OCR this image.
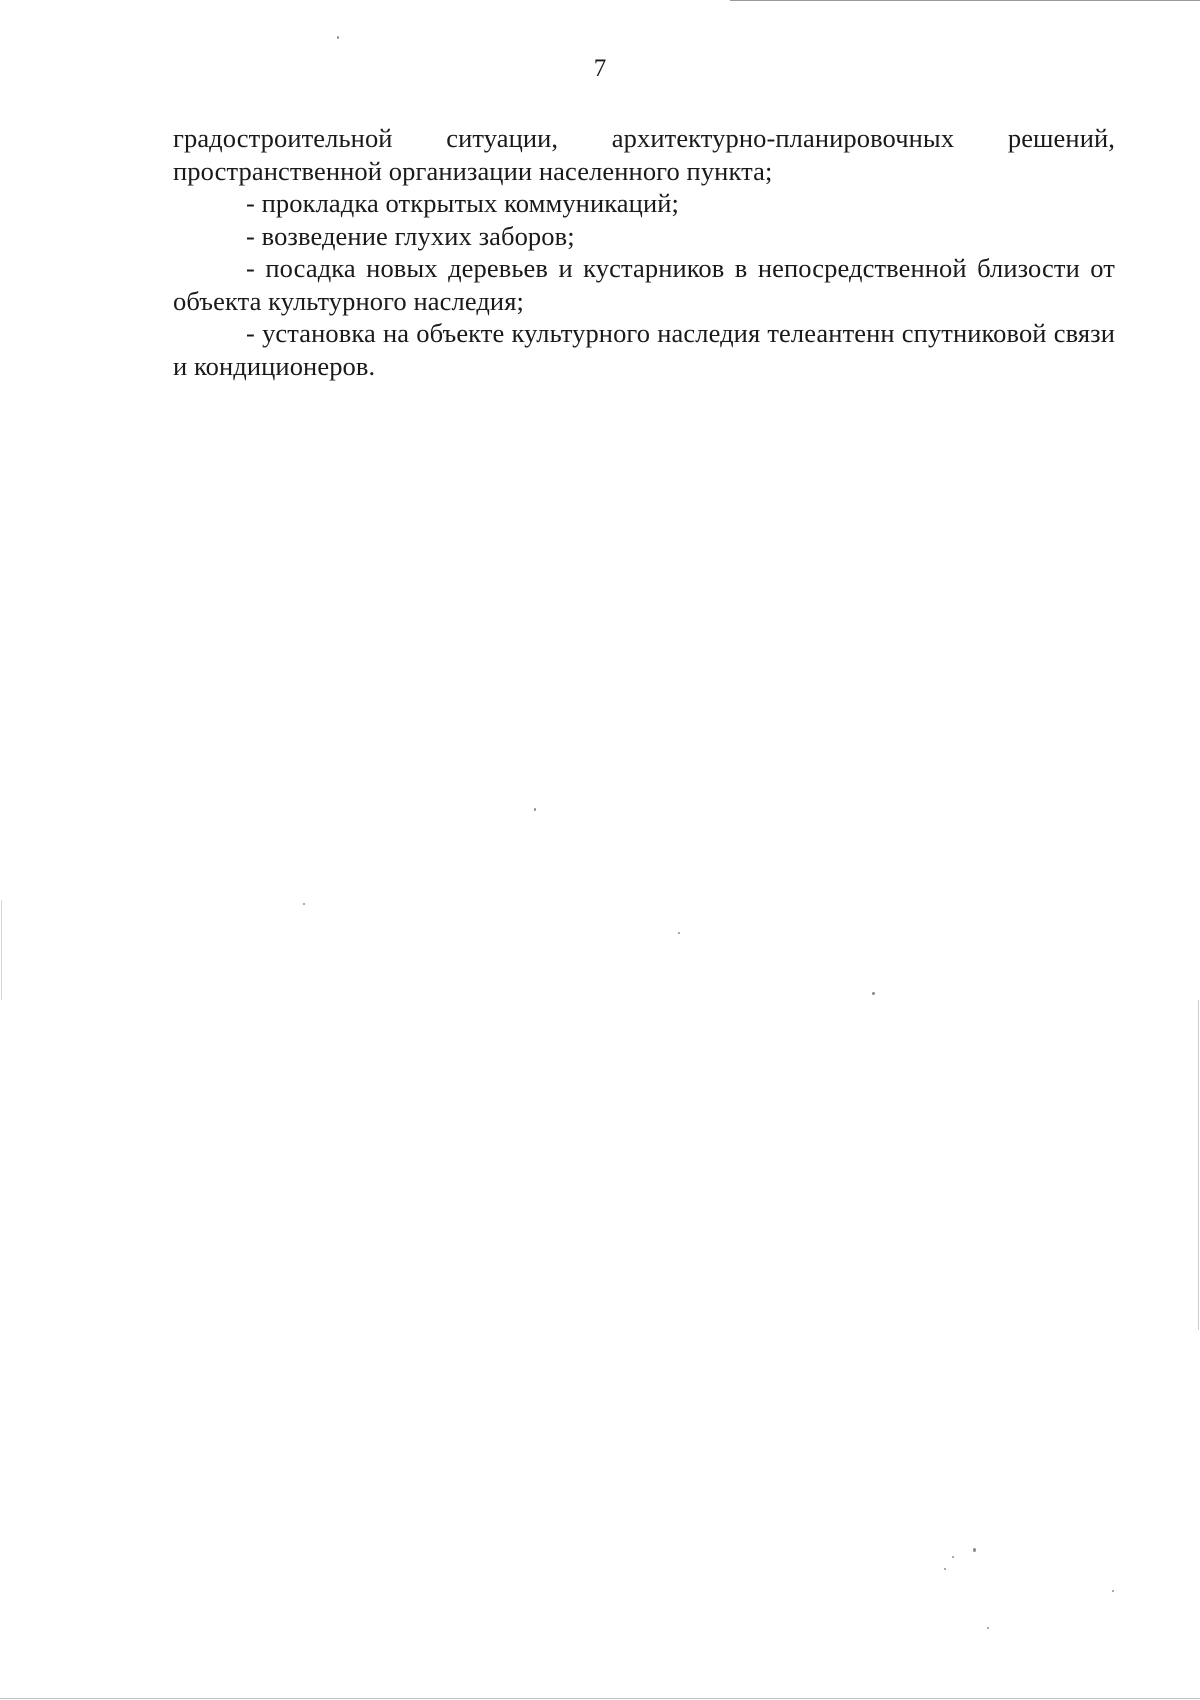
7

градостроительной ситуации, архитектурно-планировочных решений,
пространственной организации населенного пункта;

- прокладка открытых коммуникаций;

- возведение глухих заборов;

- посадка новых деревьев и кустарников в непосредственной близости от объекта культурного наследия;

- установка на объекте культурного наследия телеантенн спутниковой связи и кондиционеров.
